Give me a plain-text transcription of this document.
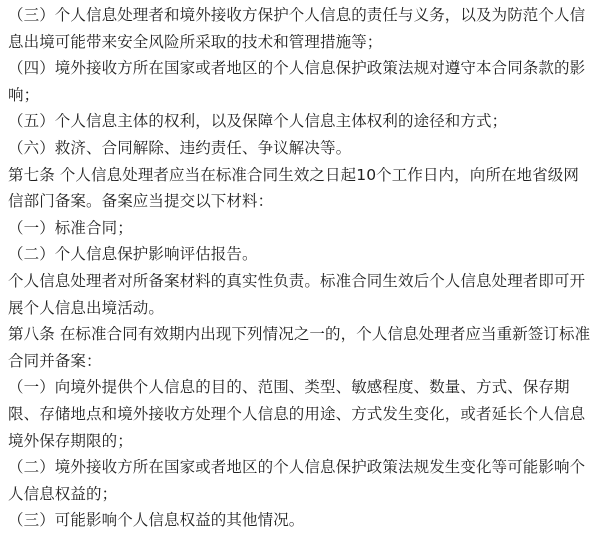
（三）个人信息处理者和境外接收方保护个人信息的责任与义务，以及为防范个人信息出境可能带来安全风险所采取的技术和管理措施等；

（四）境外接收方所在国家或者地区的个人信息保护政策法规对遵守本合同条款的影响；

（五）个人信息主体的权利，以及保障个人信息主体权利的途径和方式；

（六）救济、合同解除、违约责任、争议解决等。

第七条 个人信息处理者应当在标准合同生效之日起10个工作日内，向所在地省级网信部门备案。备案应当提交以下材料：

（一）标准合同；

（二）个人信息保护影响评估报告。

个人信息处理者对所备案材料的真实性负责。标准合同生效后个人信息处理者即可开展个人信息出境活动。

第八条 在标准合同有效期内出现下列情况之一的，个人信息处理者应当重新签订标准合同并备案：

（一）向境外提供个人信息的目的、范围、类型、敏感程度、数量、方式、保存期限、存储地点和境外接收方处理个人信息的用途、方式发生变化，或者延长个人信息境外保存期限的；

（二）境外接收方所在国家或者地区的个人信息保护政策法规发生变化等可能影响个人信息权益的；

（三）可能影响个人信息权益的其他情况。
